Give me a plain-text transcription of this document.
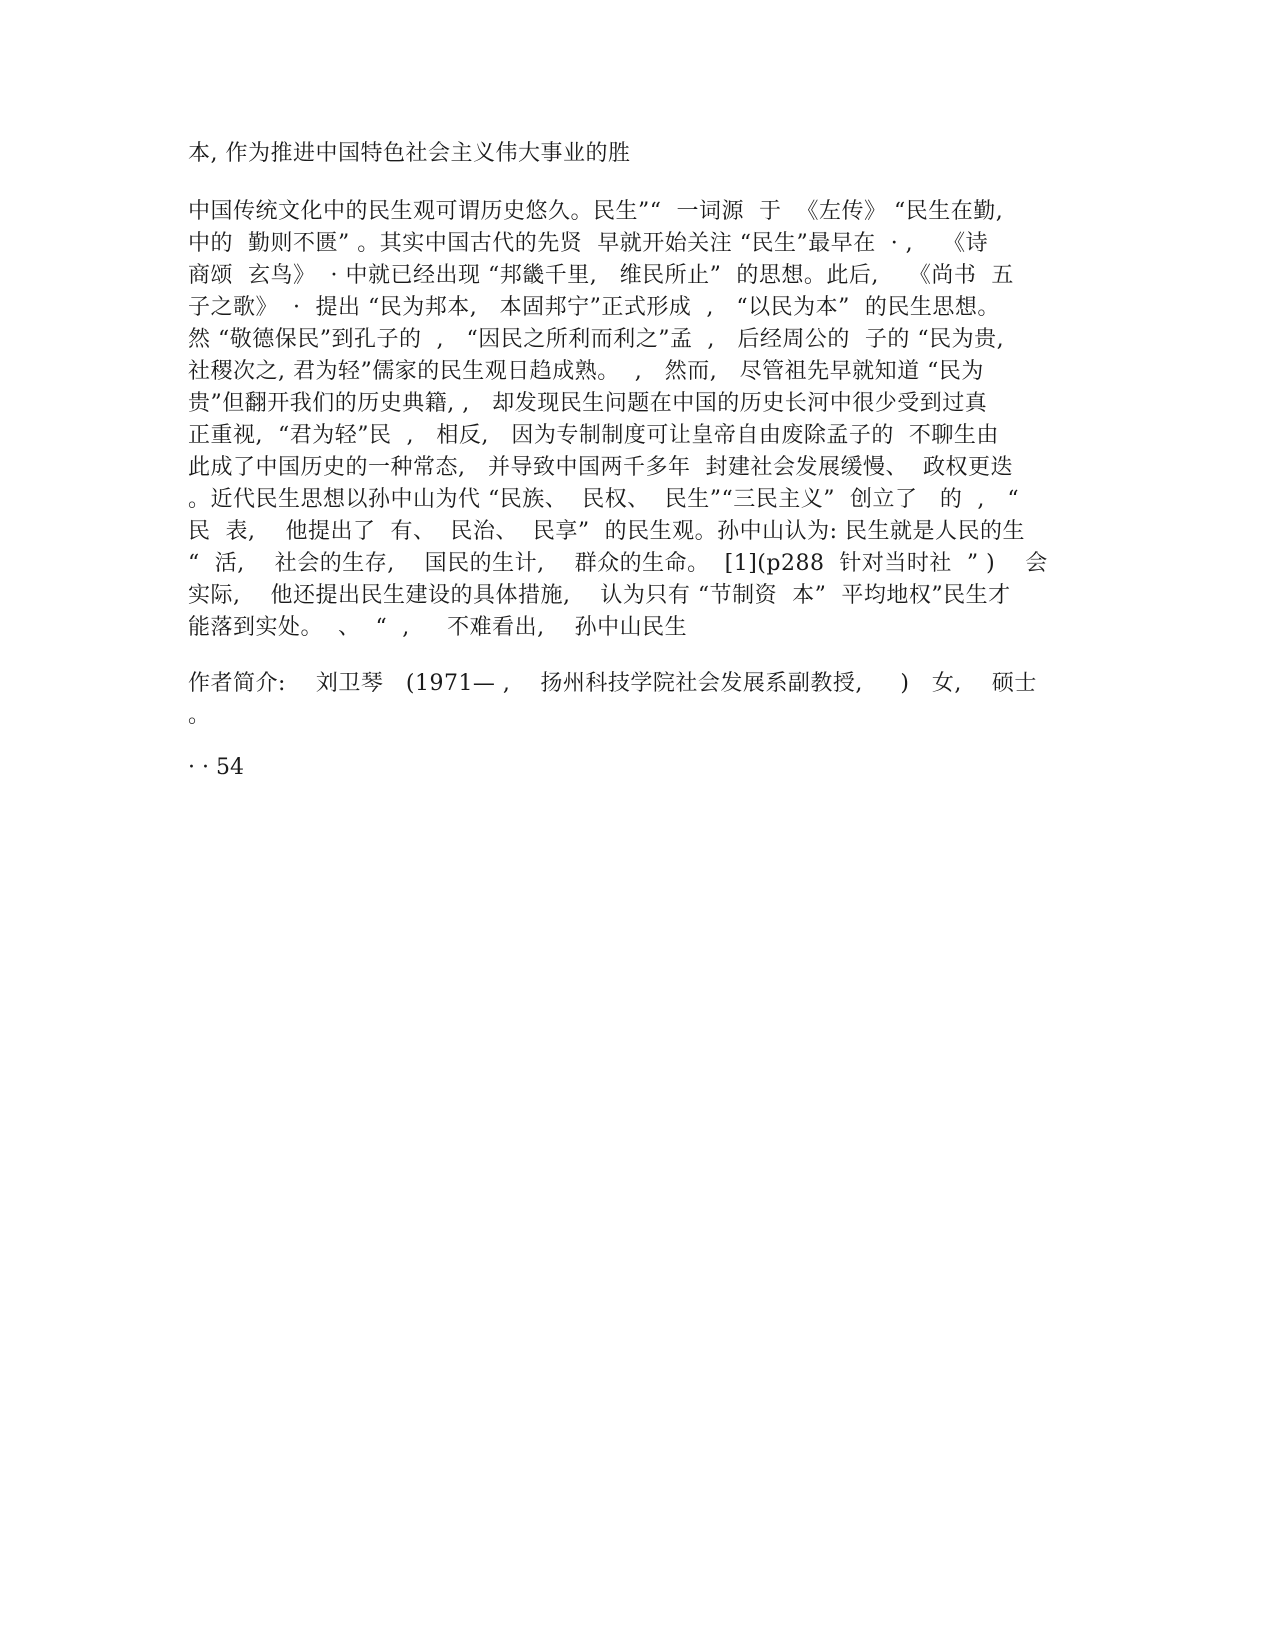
本, 作为推进中国特色社会主义伟大事业的胜
中国传统文化中的民生观可谓历史悠久。民生”“  一词源  于  《左传》 “民生在勤,
中的  勤则不匮” 。其实中国古代的先贤  早就开始关注 “民生”最早在  · ,    《诗
商颂  玄鸟》  · 中就已经出现 “邦畿千里,   维民所止”  的思想。此后,    《尚书  五
子之歌》  ·  提出 “民为邦本,   本固邦宁”正式形成  ,   “以民为本”  的民生思想。
然 “敬德保民”到孔子的  ,   “因民之所利而利之”孟  ,   后经周公的  子的 “民为贵,
社稷次之, 君为轻”儒家的民生观日趋成熟。  ,   然而,   尽管祖先早就知道 “民为
贵”但翻开我们的历史典籍, ,   却发现民生问题在中国的历史长河中很少受到过真
正重视,  “君为轻”民  ,   相反,   因为专制制度可让皇帝自由废除孟子的  不聊生由
此成了中国历史的一种常态,   并导致中国两千多年  封建社会发展缓慢、  政权更迭
。近代民生思想以孙中山为代 “民族、  民权、  民生”“三民主义”  创立了   的  ,   “
民  表,    他提出了  有、  民治、  民享”  的民生观。孙中山认为: 民生就是人民的生
“  活,    社会的生存,    国民的生计,    群众的生命。  [1](p288  针对当时社  ” )    会
实际,    他还提出民生建设的具体措施,    认为只有 “节制资  本”  平均地权”民生才
能落到实处。  、  “  ,     不难看出,    孙中山民生
作者简介:    刘卫琴   (1971— ,    扬州科技学院社会发展系副教授,     )   女,    硕士
。
· · 54
